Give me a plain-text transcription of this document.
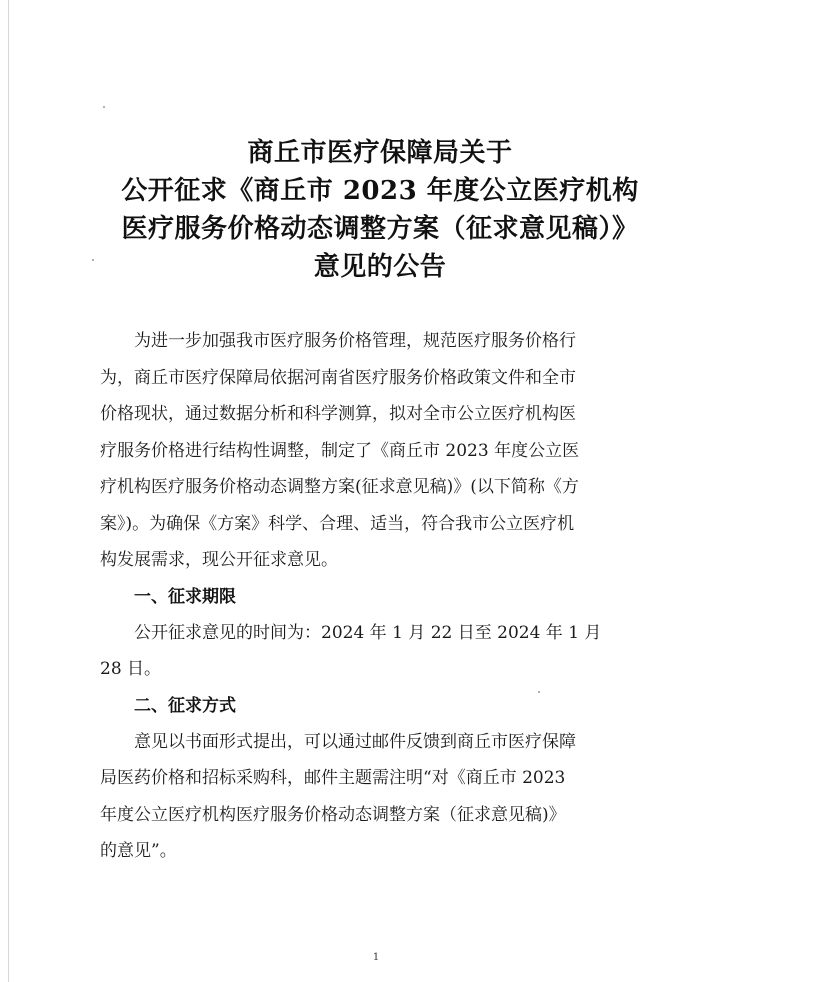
商丘市医疗保障局关于
公开征求《商丘市 2023 年度公立医疗机构
医疗服务价格动态调整方案（征求意见稿）》
意见的公告

为进一步加强我市医疗服务价格管理，规范医疗服务价格行

为，商丘市医疗保障局依据河南省医疗服务价格政策文件和全市

价格现状，通过数据分析和科学测算，拟对全市公立医疗机构医

疗服务价格进行结构性调整，制定了《商丘市 2023 年度公立医

疗机构医疗服务价格动态调整方案(征求意见稿)》(以下简称《方

案》)。为确保《方案》科学、合理、适当，符合我市公立医疗机

构发展需求，现公开征求意见。

一、征求期限

公开征求意见的时间为：2024 年 1 月 22 日至 2024 年 1 月

28 日。

二、征求方式

意见以书面形式提出，可以通过邮件反馈到商丘市医疗保障

局医药价格和招标采购科，邮件主题需注明“对《商丘市 2023

年度公立医疗机构医疗服务价格动态调整方案（征求意见稿)》

的意见”。

1
